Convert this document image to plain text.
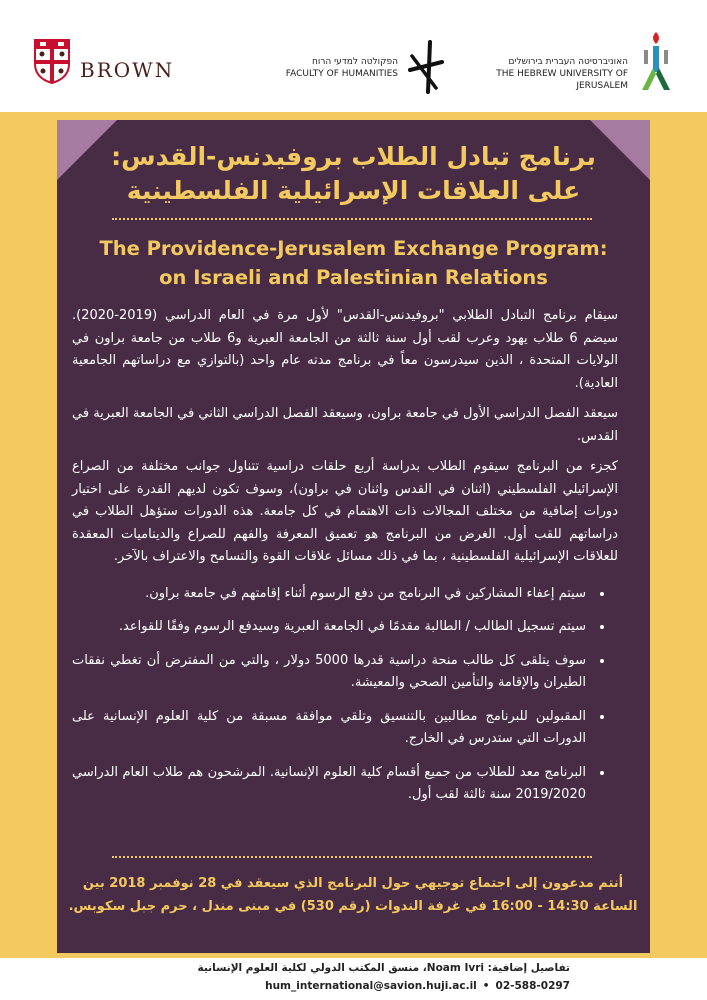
BROWN	הפקולטה למדעי הרוח
FACULTY OF HUMANITIES
האוניברסיטה העברית בירושלים
THE HEBREW UNIVERSITY OF JERUSALEM
برنامج تبادل الطلاب بروفيدنس-القدس:
على العلاقات الإسرائيلية الفلسطينية
The Providence-Jerusalem Exchange Program:
on Israeli and Palestinian Relations

سيقام برنامج التبادل الطلابي "بروفيدنس-القدس" لأول مرة في العام الدراسي (2019-2020). سيضم 6 طلاب يهود وعرب لقب أول سنة ثالثة من الجامعة العبرية و6 طلاب من جامعة براون في الولايات المتحدة ، الذين سيدرسون معاً في برنامج مدته عام واحد (بالتوازي مع دراساتهم الجامعية العادية).

سيعقد الفصل الدراسي الأول في جامعة براون، وسيعقد الفصل الدراسي الثاني في الجامعة العبرية في القدس.

كجزء من البرنامج سيقوم الطلاب بدراسة أربع حلقات دراسية تتناول جوانب مختلفة من الصراع الإسرائيلي الفلسطيني (اثنان في القدس واثنان في براون)، وسوف تكون لديهم القدرة على اختيار دورات إضافية من مختلف المجالات ذات الاهتمام في كل جامعة. هذه الدورات ستؤهل الطلاب في دراساتهم للقب أول. الغرض من البرنامج هو تعميق المعرفة والفهم للصراع والديناميات المعقدة للعلاقات الإسرائيلية الفلسطينية ، بما في ذلك مسائل علاقات القوة والتسامح والاعتراف بالآخر.

• سيتم إعفاء المشاركين في البرنامج من دفع الرسوم أثناء إقامتهم في جامعة براون.
• سيتم تسجيل الطالب / الطالبة مقدمًا في الجامعة العبرية وسيدفع الرسوم وفقًا للقواعد.
• سوف يتلقى كل طالب منحة دراسية قدرها 5000 دولار ، والتي من المفترض أن تغطي نفقات الطيران والإقامة والتأمين الصحي والمعيشة.
• المقبولين للبرنامج مطالبين بالتنسيق وتلقي موافقة مسبقة من كلية العلوم الإنسانية على الدورات التي ستدرس في الخارج.
• البرنامج معد للطلاب من جميع أقسام كلية العلوم الإنسانية. المرشحون هم طلاب العام الدراسي 2019/2020 سنة ثالثة لقب أول.
أنتم مدعوون إلى اجتماع توجيهي حول البرنامج الذي سيعقد في 28 نوفمبر 2018 بين
الساعة 14:30 - 16:00 في غرفة الندوات (رقم 530) في مبنى مندل ، حرم جبل سكوبس.
تفاصيل إضافية: Noam Ivri، منسق المكتب الدولي لكلية العلوم الإنسانية
hum_international@savion.huji.ac.il • 02-588-0297
